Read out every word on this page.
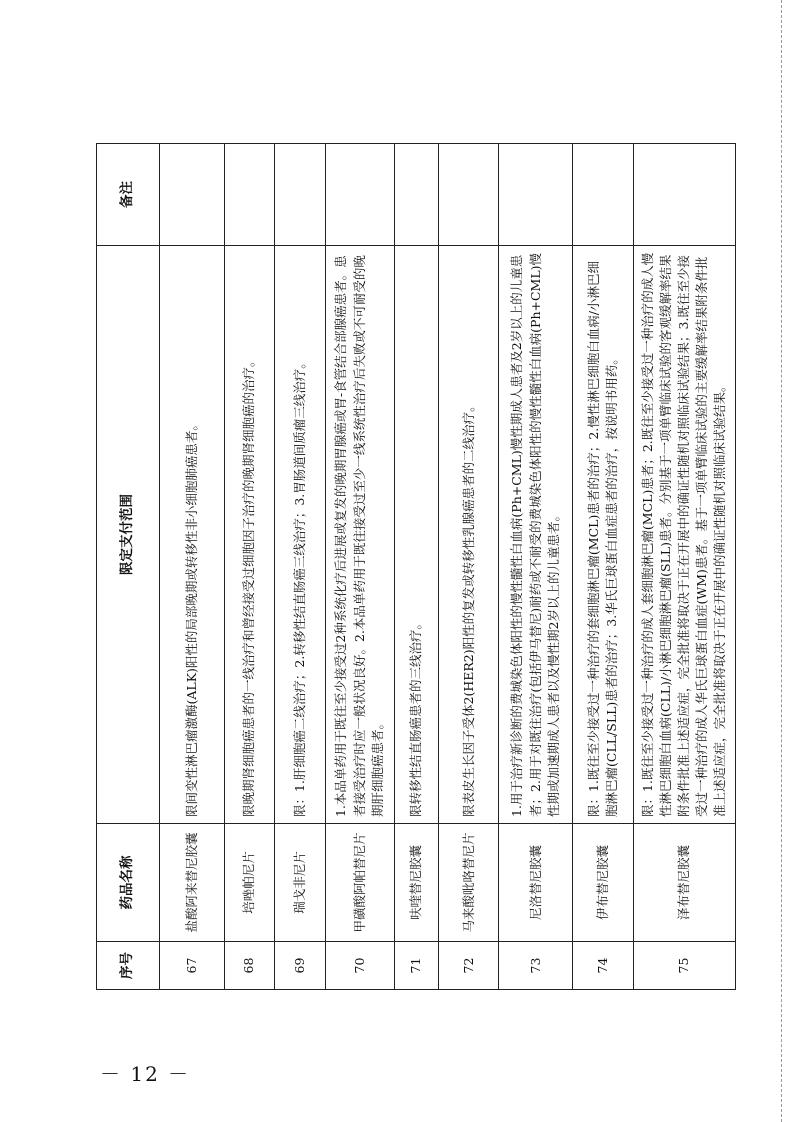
序号	药品名称	限定支付范围	备注
67	盐酸阿来替尼胶囊	限间变性淋巴瘤激酶(ALK)阳性的局部晚期或转移性非小细胞肺癌患者。	
68	培唑帕尼片	限晚期肾细胞癌患者的一线治疗和曾经接受过细胞因子治疗的晚期肾细胞癌的治疗。	
69	瑞戈非尼片	限：1.肝细胞癌二线治疗；2.转移性结直肠癌三线治疗；3.胃肠道间质瘤三线治疗。	
70	甲磺酸阿帕替尼片	1.本品单药用于既往至少接受过2种系统化疗后进展或复发的晚期胃腺癌或胃-食管结合部腺癌患者。患者接受治疗时应一般状况良好。2.本品单药用于既往接受过至少一线系统性治疗后失败或不可耐受的晚期肝细胞癌患者。	
71	呋喹替尼胶囊	限转移性结直肠癌患者的三线治疗。	
72	马来酸吡咯替尼片	限表皮生长因子受体2(HER2)阳性的复发或转移性乳腺癌患者的二线治疗。	
73	尼洛替尼胶囊	1.用于治疗新诊断的费城染色体阳性的慢性髓性白血病(Ph+CML)慢性期成人患者及2岁以上的儿童患者；2.用于对既往治疗(包括伊马替尼)耐药或不耐受的费城染色体阳性的慢性髓性白血病(Ph+CML)慢性期或加速期成人患者以及慢性期2岁以上的儿童患者。	
74	伊布替尼胶囊	限：1.既往至少接受过一种治疗的套细胞淋巴瘤(MCL)患者的治疗；2.慢性淋巴细胞白血病/小淋巴细胞淋巴瘤(CLL/SLL)患者的治疗；3.华氏巨球蛋白血症患者的治疗，按说明书用药。	
75	泽布替尼胶囊	限：1.既往至少接受过一种治疗的成人套细胞淋巴瘤(MCL)患者；2.既往至少接受过一种治疗的成人慢性淋巴细胞白血病(CLL)/小淋巴细胞淋巴瘤(SLL)患者。分别基于一项单臂临床试验的客观缓解率结果附条件批准上述适应症，完全批准将取决于正在开展中的确证性随机对照临床试验结果；3.既往至少接受过一种治疗的成人华氏巨球蛋白血症(WM)患者。基于一项单臂临床试验的主要缓解率结果附条件批准上述适应症，完全批准将取决于正在开展中的确证性随机对照临床试验结果。	
－ 12 －
